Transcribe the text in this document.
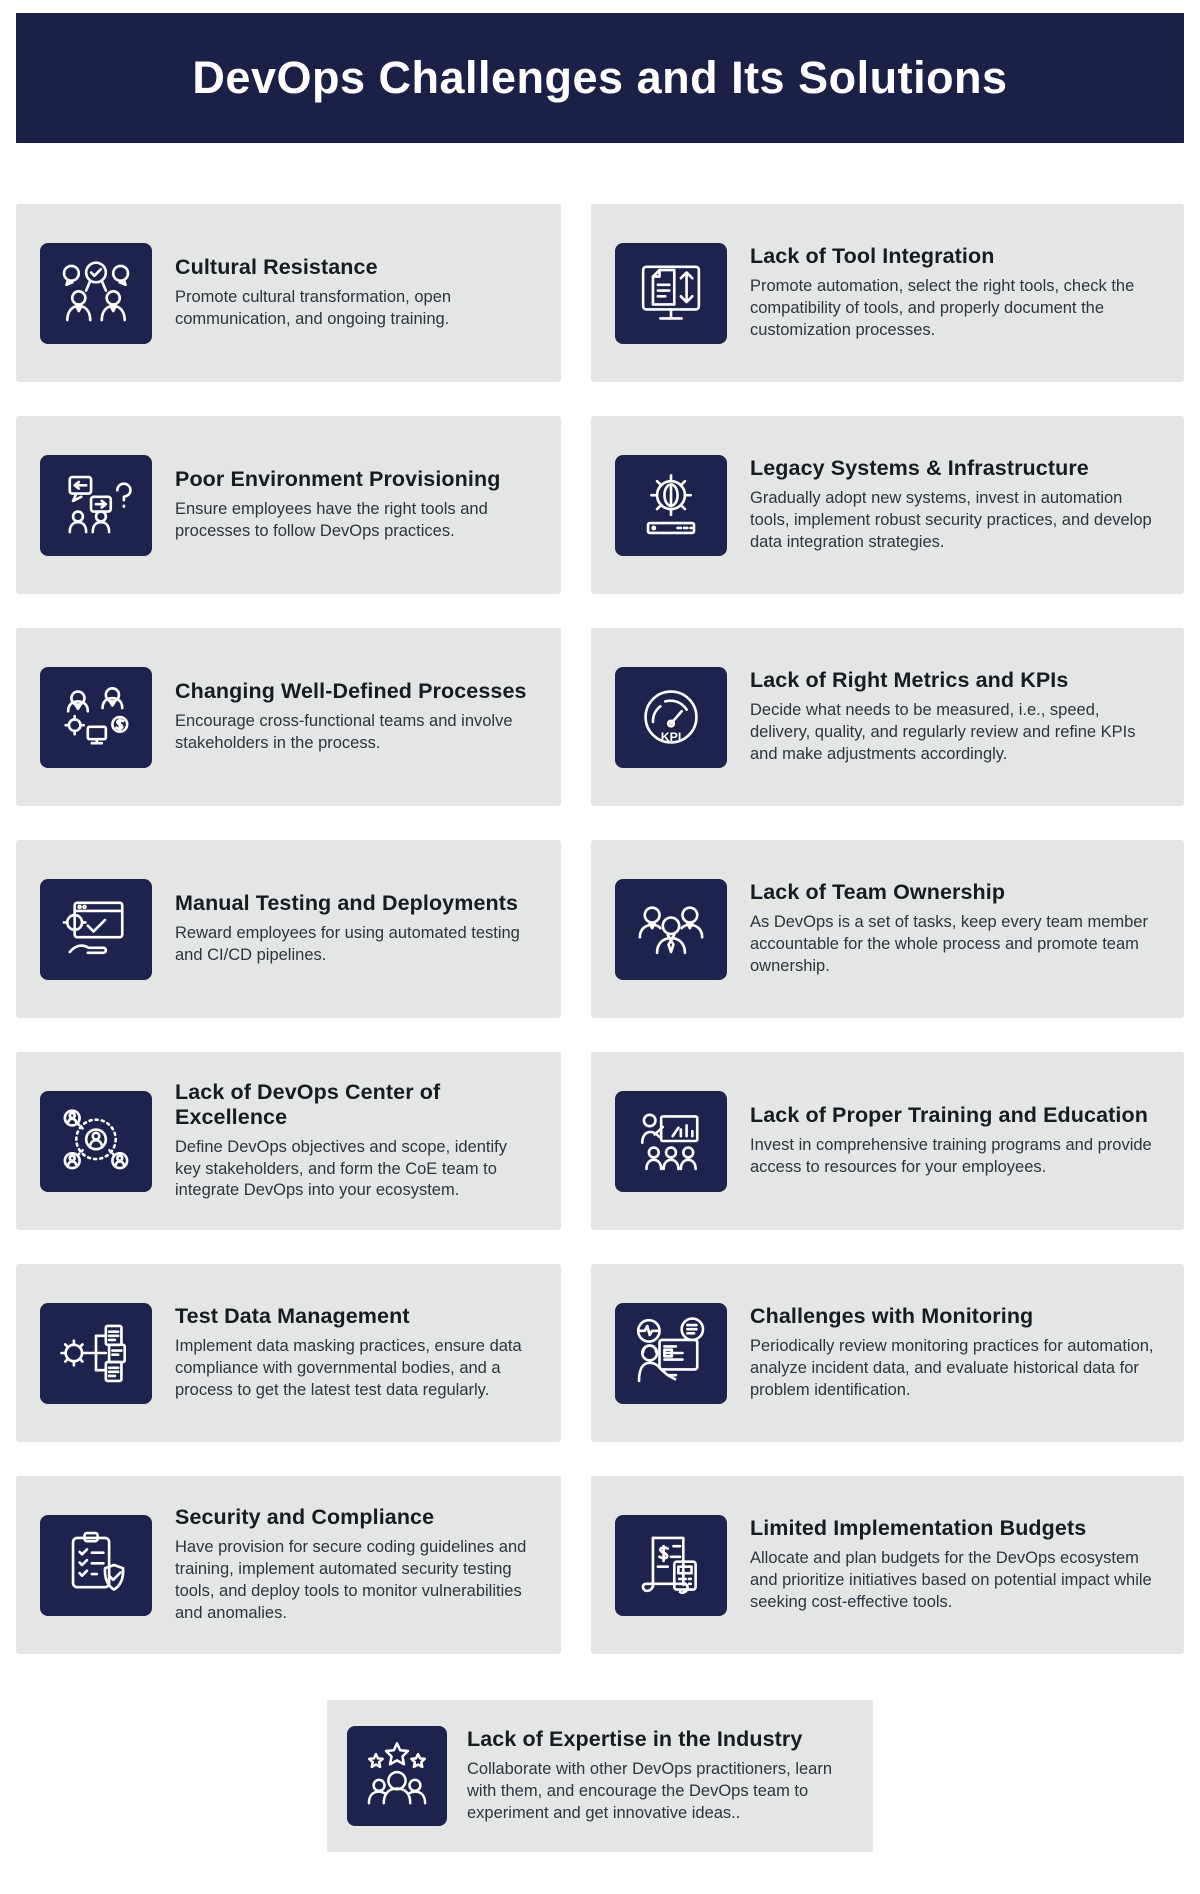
DevOps Challenges and Its Solutions
Cultural Resistance

Promote cultural transformation, open communication, and ongoing training.

Lack of Tool Integration

Promote automation, select the right tools, check the compatibility of tools, and properly document the customization processes.

Poor Environment Provisioning

Ensure employees have the right tools and processes to follow DevOps practices.

Legacy Systems & Infrastructure

Gradually adopt new systems, invest in automation tools, implement robust security practices, and develop data integration strategies.

Changing Well-Defined Processes

Encourage cross-functional teams and involve stakeholders in the process.	KPI
Lack of Right Metrics and KPIs

Decide what needs to be measured, i.e., speed, delivery, quality, and regularly review and refine KPIs and make adjustments accordingly.

Manual Testing and Deployments

Reward employees for using automated testing and CI/CD pipelines.

Lack of Team Ownership

As DevOps is a set of tasks, keep every team member accountable for the whole process and promote team ownership.

Lack of DevOps Center of Excellence

Define DevOps objectives and scope, identify key stakeholders, and form the CoE team to integrate DevOps into your ecosystem.

Lack of Proper Training and Education

Invest in comprehensive training programs and provide access to resources for your employees.

Test Data Management

Implement data masking practices, ensure data compliance with governmental bodies, and a process to get the latest test data regularly.

Challenges with Monitoring

Periodically review monitoring practices for automation, analyze incident data, and evaluate historical data for problem identification.

Security and Compliance

Have provision for secure coding guidelines and training, implement automated security testing tools, and deploy tools to monitor vulnerabilities and anomalies.

Limited Implementation Budgets

Allocate and plan budgets for the DevOps ecosystem and prioritize initiatives based on potential impact while seeking cost-effective tools.

Lack of Expertise in the Industry

Collaborate with other DevOps practitioners, learn with them, and encourage the DevOps team to experiment and get innovative ideas..
